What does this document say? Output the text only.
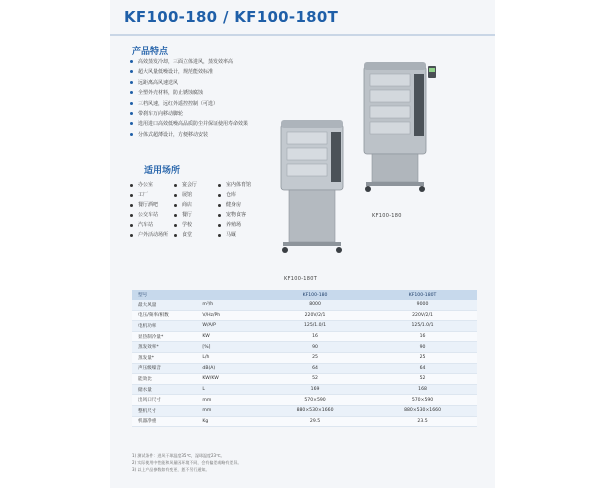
KF100-180 / KF100-180T
产品特点
高效蒸发冷却，三面立体进风，蒸发效率高
超大风量低噪设计，规范能效标准
远距离高风速送风
全塑外壳材料，防止锈蚀腐蚀
三档风速，远红外遥控控制（可选）
带刹车万向移动脚轮
选用进口高效低噪高品质防尘并保证使用寿命效果
分体式超薄设计，方便移动安装
适用场所
办公室	宴会厅	室内体育馆
工厂	展馆	仓库
餐厅酒吧	商店	健身房
公交车站	餐厅	宠物食客
汽车站	学校	养殖场
户外活动场所	食堂	马厩
KF100-180
KF100-180T
型号		KF100-180	KF100-180T
最大风量	m³/h	8000	9000
电压/频率/相数	V/Hz/Ph	220V/2/1	220V/2/1
电机功率	W/A/P	125/1.0/1	125/1.0/1
显热制冷量*	KW	16	16
蒸发效率*	[%]	90	90
蒸发量*	L/h	25	25
声压级噪音	dB(A)	64	64
能效比	KW/KW	52	52
储水量	L	169	168
出风口尺寸	mm	570×590	570×590
整机尺寸	mm	880×530×1660	880×530×1660
机器净重	Kg	29.5	23.5
1) 测试条件：进风干球温度35℃，湿球温度23℃。
2) 实际使用中性能和风量因环境不同，会有偏差或略有差异。
3) 以上产品参数如有变更，恕不另行通知。
